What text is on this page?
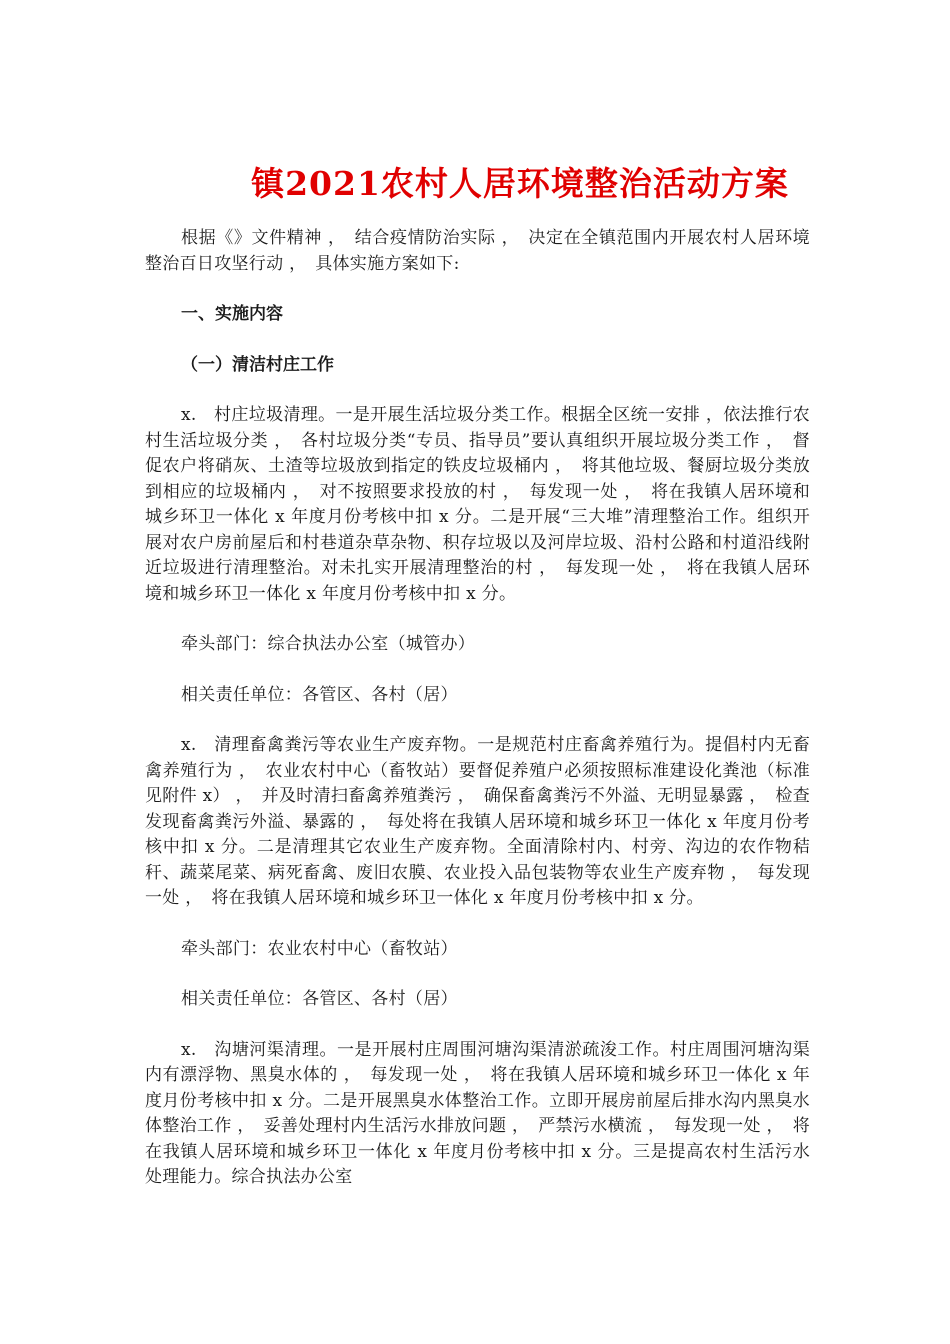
镇2021农村人居环境整治活动方案

根据《》文件精神 ，　结合疫情防治实际 ，　决定在全镇范围内开展农村人居环境整治百日攻坚行动 ，　具体实施方案如下:

一、实施内容

（一）清洁村庄工作

x.　村庄垃圾清理。一是开展生活垃圾分类工作。根据全区统一安排 ，依法推行农村生活垃圾分类 ，　各村垃圾分类“专员、指导员”要认真组织开展垃圾分类工作 ，　督促农户将硝灰、土渣等垃圾放到指定的铁皮垃圾桶内 ，　将其他垃圾、餐厨垃圾分类放到相应的垃圾桶内 ，　对不按照要求投放的村 ，　每发现一处 ，　将在我镇人居环境和城乡环卫一体化 x 年度月份考核中扣 x 分。二是开展“三大堆”清理整治工作。组织开展对农户房前屋后和村巷道杂草杂物、积存垃圾以及河岸垃圾、沿村公路和村道沿线附近垃圾进行清理整治。对未扎实开展清理整治的村 ，　每发现一处 ，　将在我镇人居环境和城乡环卫一体化 x 年度月份考核中扣 x 分。

牵头部门：综合执法办公室（城管办）

相关责任单位：各管区、各村（居）

x.　清理畜禽粪污等农业生产废弃物。一是规范村庄畜禽养殖行为。提倡村内无畜禽养殖行为 ，　农业农村中心（畜牧站）要督促养殖户必须按照标准建设化粪池（标准见附件 x） ，　并及时清扫畜禽养殖粪污 ，　确保畜禽粪污不外溢、无明显暴露 ，　检查发现畜禽粪污外溢、暴露的 ，　每处将在我镇人居环境和城乡环卫一体化 x 年度月份考核中扣 x 分。二是清理其它农业生产废弃物。全面清除村内、村旁、沟边的农作物秸秆、蔬菜尾菜、病死畜禽、废旧农膜、农业投入品包装物等农业生产废弃物 ，　每发现一处 ，　将在我镇人居环境和城乡环卫一体化 x 年度月份考核中扣 x 分。

牵头部门：农业农村中心（畜牧站）

相关责任单位：各管区、各村（居）

x.　沟塘河渠清理。一是开展村庄周围河塘沟渠清淤疏浚工作。村庄周围河塘沟渠内有漂浮物、黑臭水体的 ，　每发现一处 ，　将在我镇人居环境和城乡环卫一体化 x 年度月份考核中扣 x 分。二是开展黑臭水体整治工作。立即开展房前屋后排水沟内黑臭水体整治工作 ，　妥善处理村内生活污水排放问题 ，　严禁污水横流 ，　每发现一处 ，　将在我镇人居环境和城乡环卫一体化 x 年度月份考核中扣 x 分。三是提高农村生活污水处理能力。综合执法办公室
